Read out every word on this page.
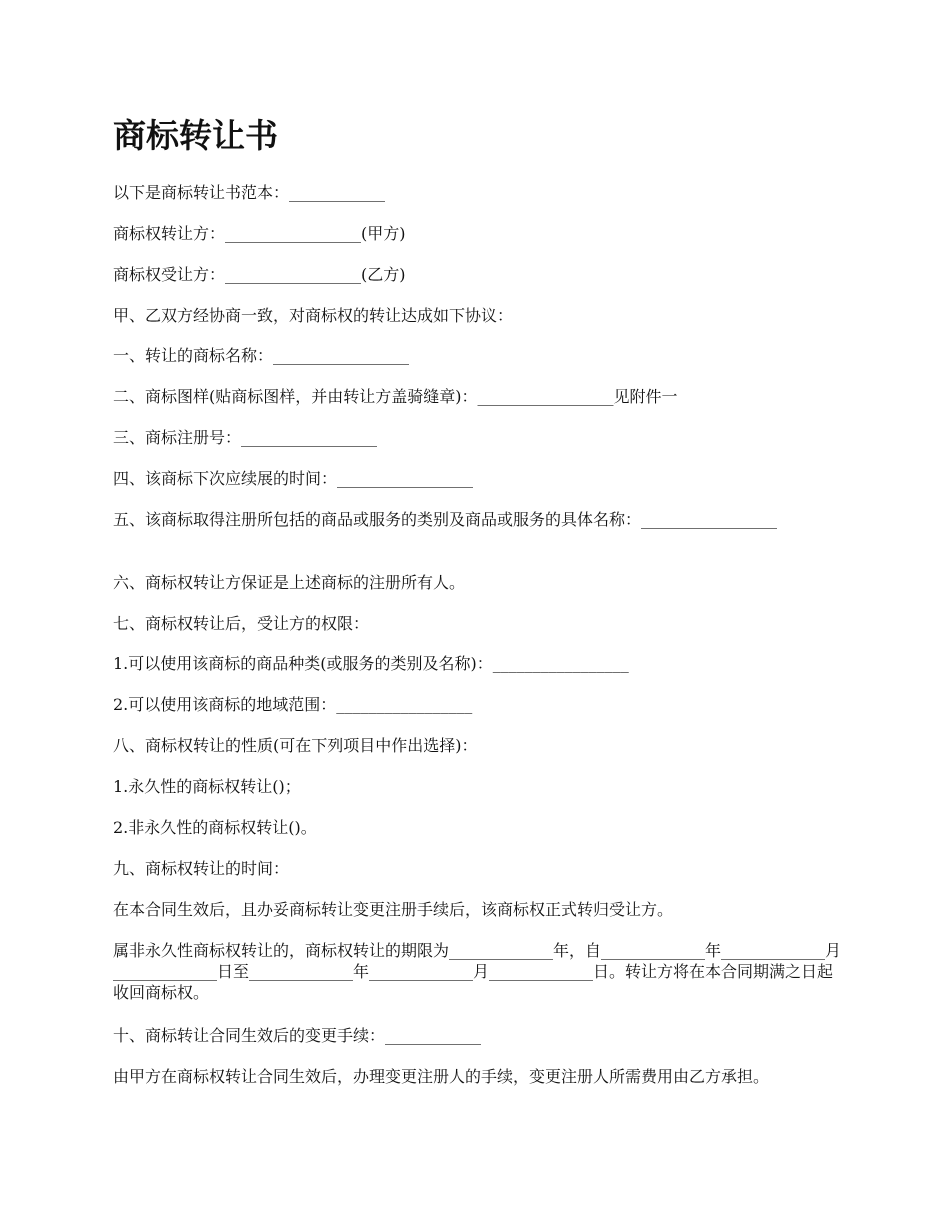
商标转让书

以下是商标转让书范本：____________

商标权转让方：_________________(甲方)

商标权受让方：_________________(乙方)

甲、乙双方经协商一致，对商标权的转让达成如下协议：

一、转让的商标名称：_________________

二、商标图样(贴商标图样，并由转让方盖骑缝章)：_________________见附件一

三、商标注册号：_________________

四、该商标下次应续展的时间：_________________

五、该商标取得注册所包括的商品或服务的类别及商品或服务的具体名称：_________________

六、商标权转让方保证是上述商标的注册所有人。

七、商标权转让后，受让方的权限：

1.可以使用该商标的商品种类(或服务的类别及名称)：_________________

2.可以使用该商标的地域范围：_________________

八、商标权转让的性质(可在下列项目中作出选择)：

1.永久性的商标权转让()；

2.非永久性的商标权转让()。

九、商标权转让的时间：

在本合同生效后，且办妥商标转让变更注册手续后，该商标权正式转归受让方。

属非永久性商标权转让的，商标权转让的期限为_____________年，自_____________年_____________月_____________日至_____________年_____________月_____________日。转让方将在本合同期满之日起收回商标权。

十、商标转让合同生效后的变更手续：____________

由甲方在商标权转让合同生效后，办理变更注册人的手续，变更注册人所需费用由乙方承担。
